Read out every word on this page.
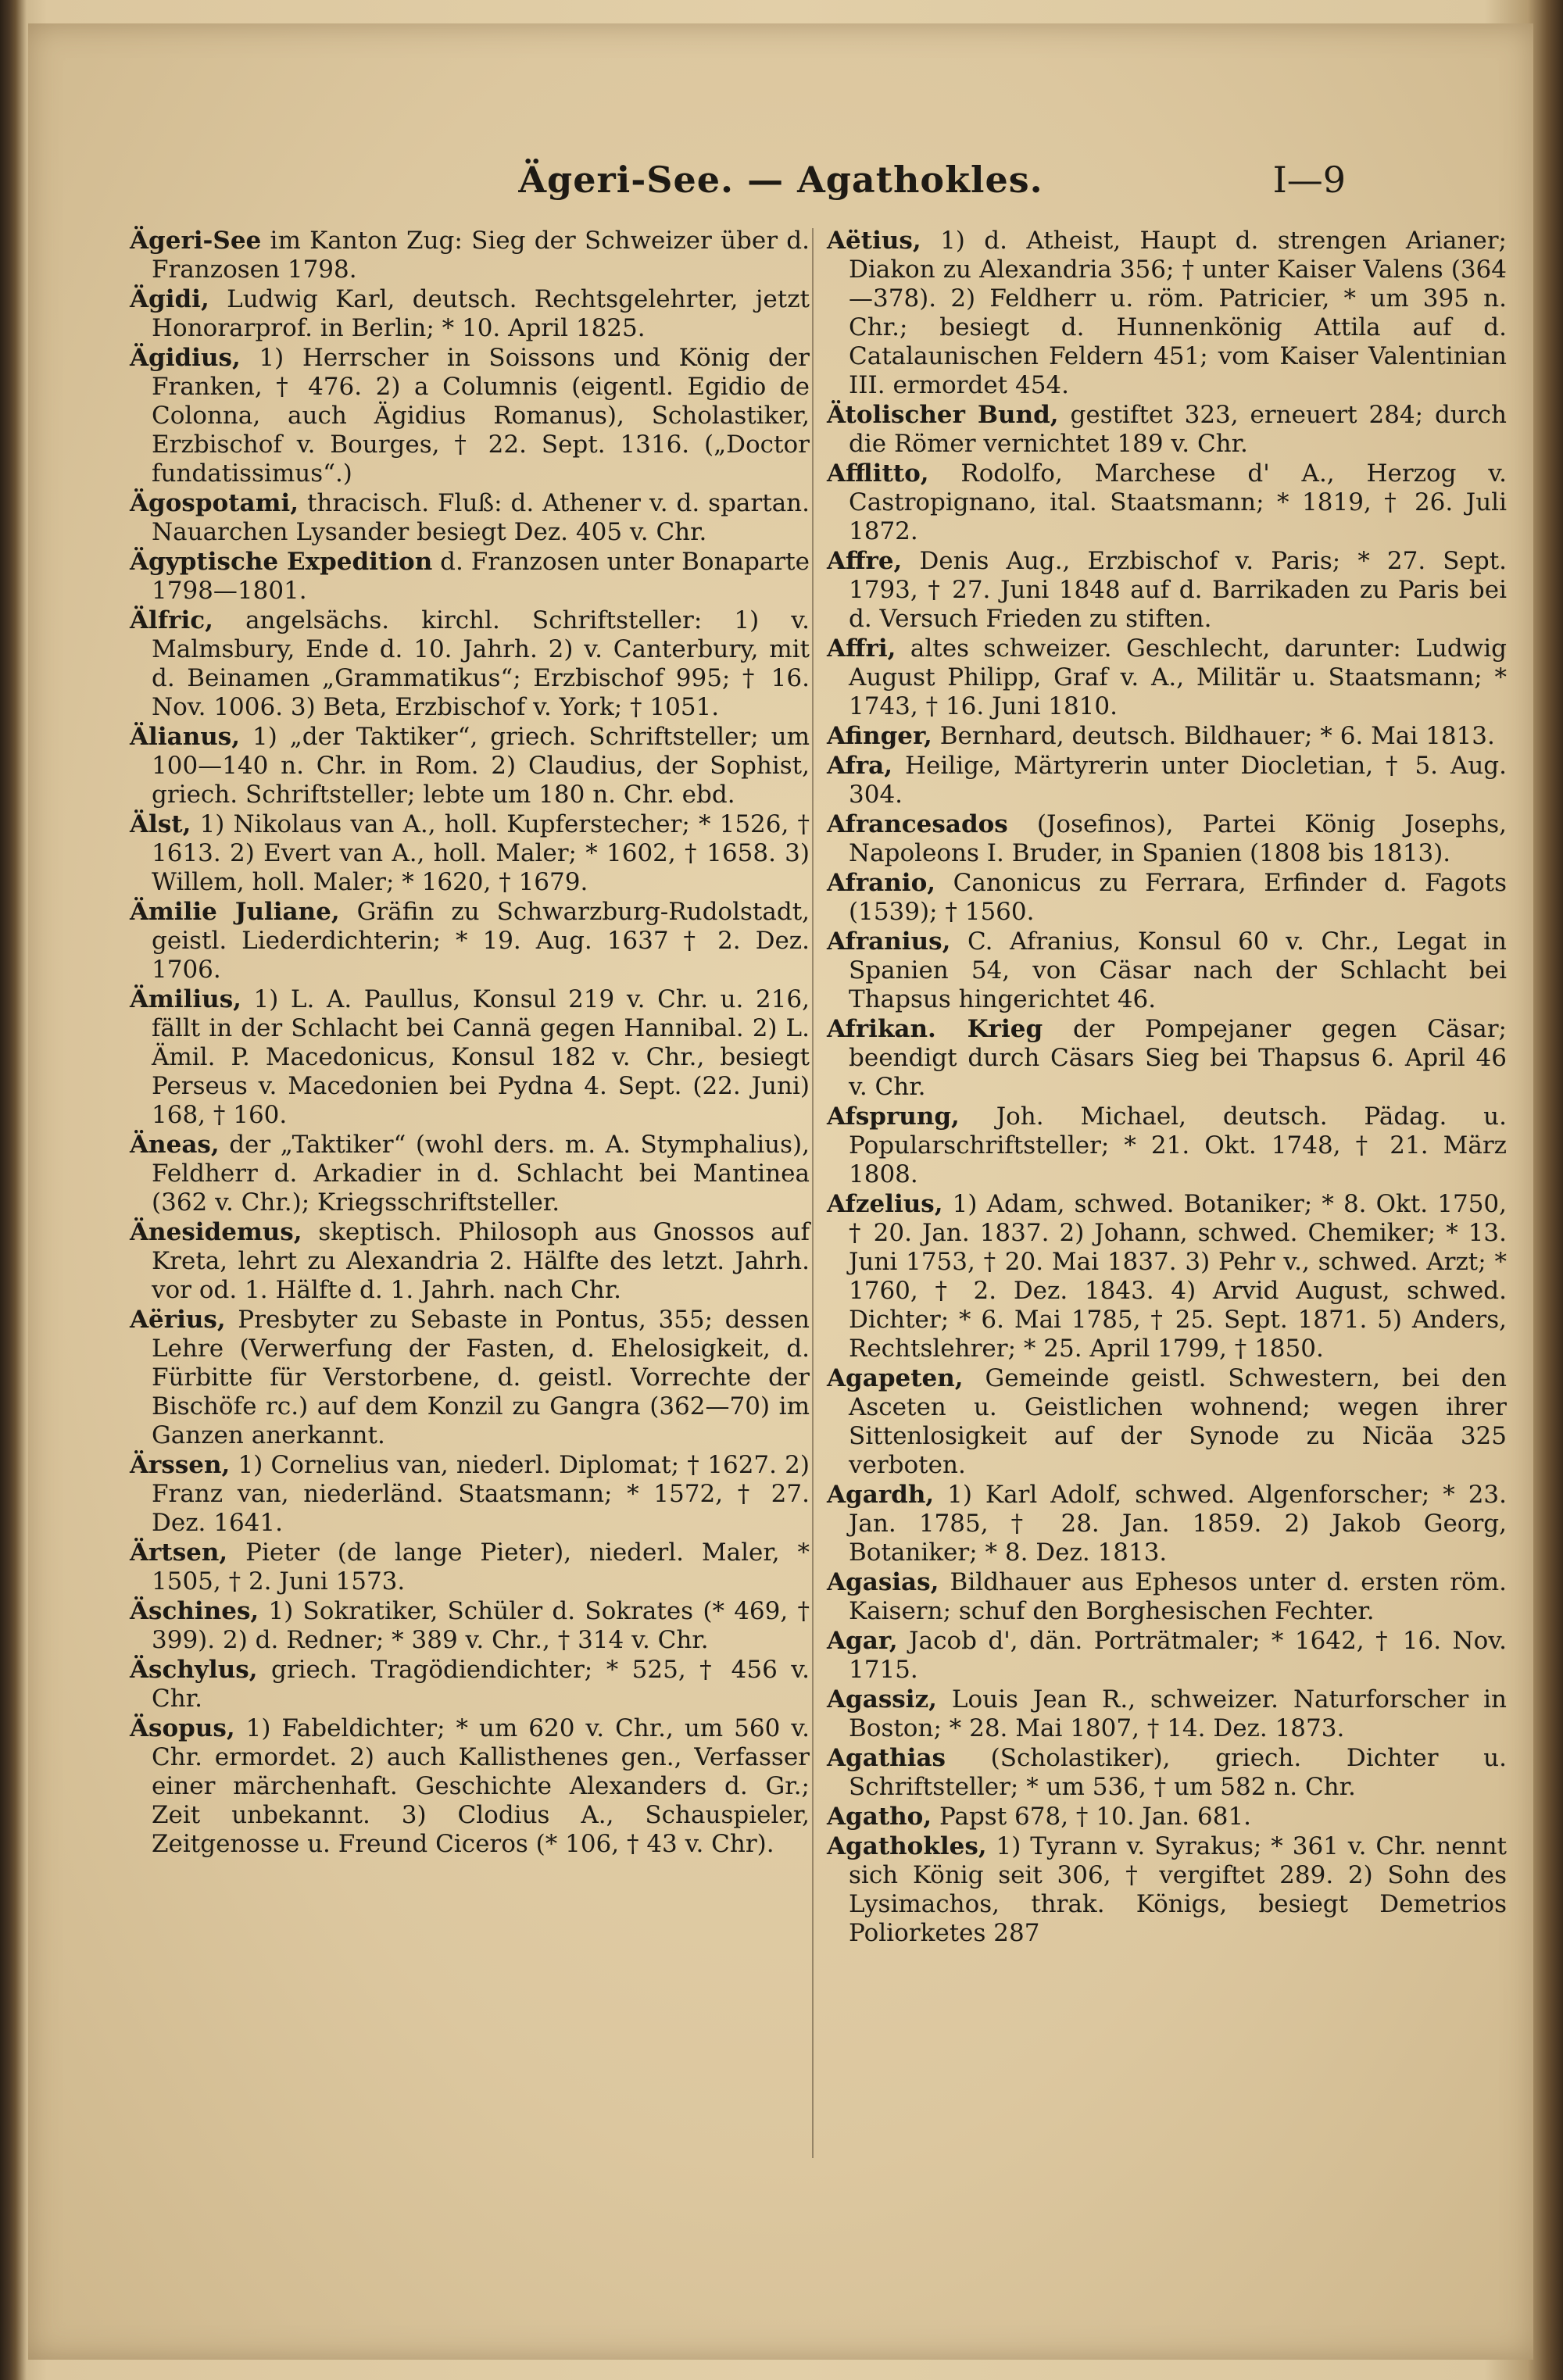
Ägeri-See. — Agathokles.	I—9

Ägeri-See im Kanton Zug: Sieg der Schweizer über d. Franzosen 1798.

Ägidi, Ludwig Karl, deutsch. Rechtsgelehrter, jetzt Honorarprof. in Berlin; * 10. April 1825.

Ägidius, 1) Herrscher in Soissons und König der Franken, † 476. 2) a Columnis (eigentl. Egidio de Colonna, auch Ägidius Romanus), Scholastiker, Erzbischof v. Bourges, † 22. Sept. 1316. („Doctor fundatissimus“.)

Ägospotami, thracisch. Fluß: d. Athener v. d. spartan. Nauarchen Lysander besiegt Dez. 405 v. Chr.

Ägyptische Expedition d. Franzosen unter Bonaparte 1798—1801.

Älfric, angelsächs. kirchl. Schriftsteller: 1) v. Malmsbury, Ende d. 10. Jahrh. 2) v. Canterbury, mit d. Beinamen „Grammatikus“; Erzbischof 995; † 16. Nov. 1006. 3) Beta, Erzbischof v. York; † 1051.

Älianus, 1) „der Taktiker“, griech. Schriftsteller; um 100—140 n. Chr. in Rom. 2) Claudius, der Sophist, griech. Schriftsteller; lebte um 180 n. Chr. ebd.

Älst, 1) Nikolaus van A., holl. Kupferstecher; * 1526, † 1613. 2) Evert van A., holl. Maler; * 1602, † 1658. 3) Willem, holl. Maler; * 1620, † 1679.

Ämilie Juliane, Gräfin zu Schwarzburg-Rudolstadt, geistl. Liederdichterin; * 19. Aug. 1637 † 2. Dez. 1706.

Ämilius, 1) L. A. Paullus, Konsul 219 v. Chr. u. 216, fällt in der Schlacht bei Cannä gegen Hannibal. 2) L. Ämil. P. Macedonicus, Konsul 182 v. Chr., besiegt Perseus v. Macedonien bei Pydna 4. Sept. (22. Juni) 168, † 160.

Äneas, der „Taktiker“ (wohl ders. m. A. Stymphalius), Feldherr d. Arkadier in d. Schlacht bei Mantinea (362 v. Chr.); Kriegsschriftsteller.

Änesidemus, skeptisch. Philosoph aus Gnossos auf Kreta, lehrt zu Alexandria 2. Hälfte des letzt. Jahrh. vor od. 1. Hälfte d. 1. Jahrh. nach Chr.

Aërius, Presbyter zu Sebaste in Pontus, 355; dessen Lehre (Verwerfung der Fasten, d. Ehelosigkeit, d. Fürbitte für Verstorbene, d. geistl. Vorrechte der Bischöfe rc.) auf dem Konzil zu Gangra (362—70) im Ganzen anerkannt.

Ärssen, 1) Cornelius van, niederl. Diplomat; † 1627. 2) Franz van, niederländ. Staatsmann; * 1572, † 27. Dez. 1641.

Ärtsen, Pieter (de lange Pieter), niederl. Maler, * 1505, † 2. Juni 1573.

Äschines, 1) Sokratiker, Schüler d. Sokrates (* 469, † 399). 2) d. Redner; * 389 v. Chr., † 314 v. Chr.

Äschylus, griech. Tragödiendichter; * 525, † 456 v. Chr.

Äsopus, 1) Fabeldichter; * um 620 v. Chr., um 560 v. Chr. ermordet. 2) auch Kallisthenes gen., Verfasser einer märchenhaft. Geschichte Alexanders d. Gr.; Zeit unbekannt. 3) Clodius A., Schauspieler, Zeitgenosse u. Freund Ciceros (* 106, † 43 v. Chr).

Aëtius, 1) d. Atheist, Haupt d. strengen Arianer; Diakon zu Alexandria 356; † unter Kaiser Valens (364—378). 2) Feldherr u. röm. Patricier, * um 395 n. Chr.; besiegt d. Hunnenkönig Attila auf d. Catalaunischen Feldern 451; vom Kaiser Valentinian III. ermordet 454.

Ätolischer Bund, gestiftet 323, erneuert 284; durch die Römer vernichtet 189 v. Chr.

Afflitto, Rodolfo, Marchese d' A., Herzog v. Castropignano, ital. Staatsmann; * 1819, † 26. Juli 1872.

Affre, Denis Aug., Erzbischof v. Paris; * 27. Sept. 1793, † 27. Juni 1848 auf d. Barrikaden zu Paris bei d. Versuch Frieden zu stiften.

Affri, altes schweizer. Geschlecht, darunter: Ludwig August Philipp, Graf v. A., Militär u. Staatsmann; * 1743, † 16. Juni 1810.

Afinger, Bernhard, deutsch. Bildhauer; * 6. Mai 1813.

Afra, Heilige, Märtyrerin unter Diocletian, † 5. Aug. 304.

Afrancesados (Josefinos), Partei König Josephs, Napoleons I. Bruder, in Spanien (1808 bis 1813).

Afranio, Canonicus zu Ferrara, Erfinder d. Fagots (1539); † 1560.

Afranius, C. Afranius, Konsul 60 v. Chr., Legat in Spanien 54, von Cäsar nach der Schlacht bei Thapsus hingerichtet 46.

Afrikan. Krieg der Pompejaner gegen Cäsar; beendigt durch Cäsars Sieg bei Thapsus 6. April 46 v. Chr.

Afsprung, Joh. Michael, deutsch. Pädag. u. Popularschriftsteller; * 21. Okt. 1748, † 21. März 1808.

Afzelius, 1) Adam, schwed. Botaniker; * 8. Okt. 1750, † 20. Jan. 1837. 2) Johann, schwed. Chemiker; * 13. Juni 1753, † 20. Mai 1837. 3) Pehr v., schwed. Arzt; * 1760, † 2. Dez. 1843. 4) Arvid August, schwed. Dichter; * 6. Mai 1785, † 25. Sept. 1871. 5) Anders, Rechtslehrer; * 25. April 1799, † 1850.

Agapeten, Gemeinde geistl. Schwestern, bei den Asceten u. Geistlichen wohnend; wegen ihrer Sittenlosigkeit auf der Synode zu Nicäa 325 verboten.

Agardh, 1) Karl Adolf, schwed. Algenforscher; * 23. Jan. 1785, † 28. Jan. 1859. 2) Jakob Georg, Botaniker; * 8. Dez. 1813.

Agasias, Bildhauer aus Ephesos unter d. ersten röm. Kaisern; schuf den Borghesischen Fechter.

Agar, Jacob d', dän. Porträtmaler; * 1642, † 16. Nov. 1715.

Agassiz, Louis Jean R., schweizer. Naturforscher in Boston; * 28. Mai 1807, † 14. Dez. 1873.

Agathias (Scholastiker), griech. Dichter u. Schriftsteller; * um 536, † um 582 n. Chr.

Agatho, Papst 678, † 10. Jan. 681.

Agathokles, 1) Tyrann v. Syrakus; * 361 v. Chr. nennt sich König seit 306, † vergiftet 289. 2) Sohn des Lysimachos, thrak. Königs, besiegt Demetrios Poliorketes 287
